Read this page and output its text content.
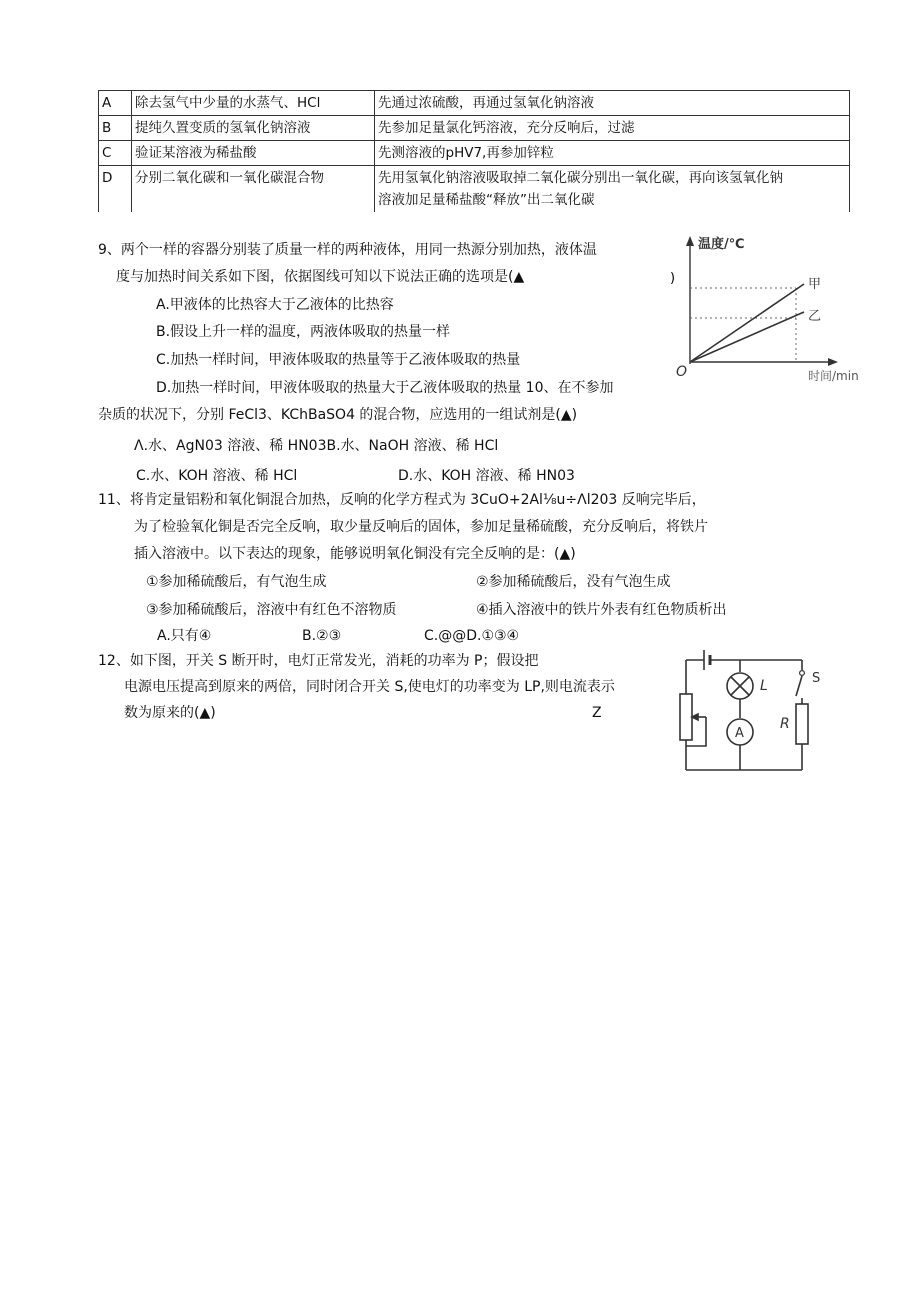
A	除去氢气中少量的水蒸气、HCl	先通过浓硫酸，再通过氢氧化钠溶液
B	提纯久置变质的氢氧化钠溶液	先参加足量氯化钙溶液，充分反响后，过滤
C	验证某溶液为稀盐酸	先测溶液的pHV7,再参加锌粒
D	分别二氧化碳和一氧化碳混合物	先用氢氧化钠溶液吸取掉二氧化碳分别出一氧化碳，再向该氢氧化钠
溶液加足量稀盐酸“释放”出二氧化碳
9、两个一样的容器分别装了质量一样的两种液体，用同一热源分别加热，液体温
度与加热时间关系如下图，依据图线可知以下说法正确的选项是(▲
A.甲液体的比热容大于乙液体的比热容
B.假设上升一样的温度，两液体吸取的热量一样
C.加热一样时间，甲液体吸取的热量等于乙液体吸取的热量
D.加热一样时间，甲液体吸取的热量大于乙液体吸取的热量 10、在不参加
杂质的状况下，分别 FeCl3、KChBaSO4 的混合物，应选用的一组试剂是(▲)
Λ.水、AgN03 溶液、稀 HN03B.水、NaOH 溶液、稀 HCl
C.水、KOH 溶液、稀 HCl	D.水、KOH 溶液、稀 HN03
11、将肯定量铝粉和氧化铜混合加热，反响的化学方程式为 3CuO+2Al⅛u÷Λl203 反响完毕后，
为了检验氧化铜是否完全反响，取少量反响后的固体，参加足量稀硫酸，充分反响后，将铁片
插入溶液中。以下表达的现象，能够说明氧化铜没有完全反响的是：(▲)
①参加稀硫酸后，有气泡生成	②参加稀硫酸后，没有气泡生成
③参加稀硫酸后，溶液中有红色不溶物质	④插入溶液中的铁片外表有红色物质析出
A.只有④	B.②③	C.@@D.①③④
12、如下图，开关 S 断开时，电灯正常发光，消耗的功率为 P；假设把
电源电压提高到原来的两倍，同时闭合开关 S,使电灯的功率变为 LP,则电流表示
数为原来的(▲)	Z
)
温度/℃
时间/min
O
甲
乙
L
A
S
R
